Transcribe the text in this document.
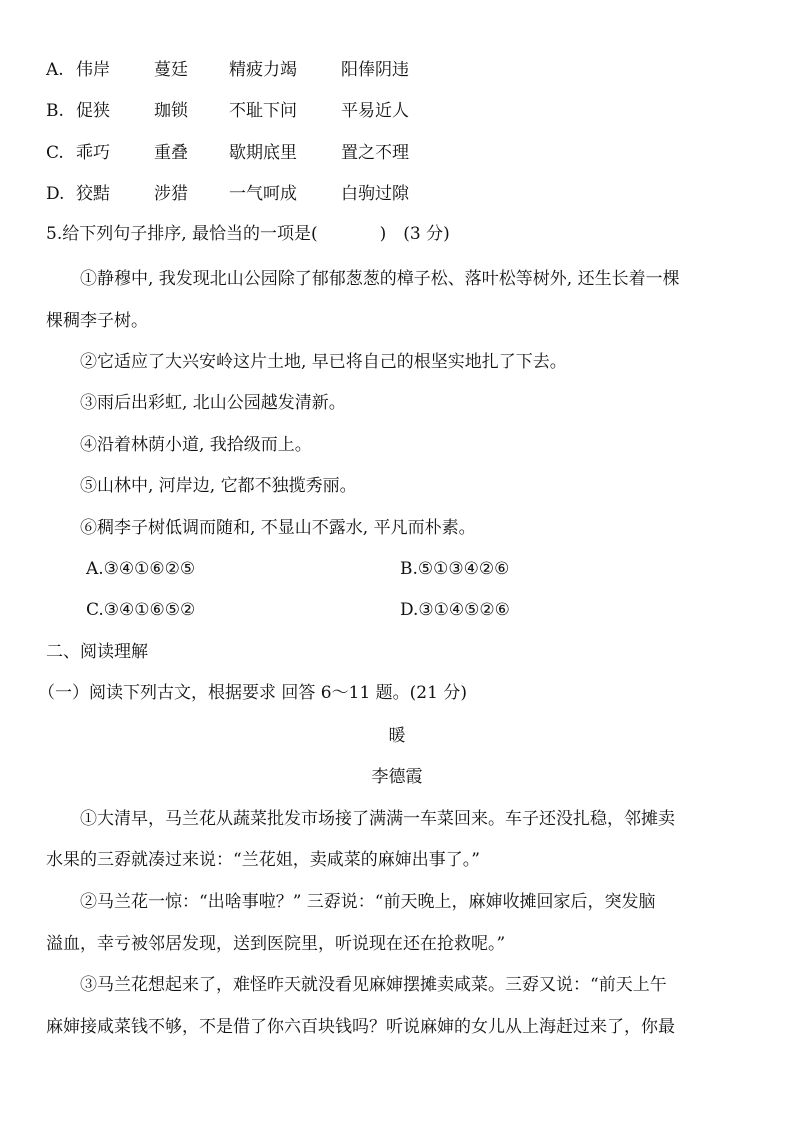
A. 伟岸	蔓廷 精疲力竭	阳俸阴违
B. 促狭	珈锁 不耻下问	平易近人
C. 乖巧	重叠 歇期底里	置之不理
D. 狡黠	涉猎 一气呵成	白驹过隙
5.给下列句子排序, 最恰当的一项是(	)　(3 分)
①静穆中, 我发现北山公园除了郁郁葱葱的樟子松、落叶松等树外, 还生长着一棵
棵稠李子树。
②它适应了大兴安岭这片土地, 早已将自己的根坚实地扎了下去。
③雨后出彩虹, 北山公园越发清新。
④沿着林荫小道, 我拾级而上。
⑤山林中, 河岸边, 它都不独揽秀丽。
⑥稠李子树低调而随和, 不显山不露水, 平凡而朴素。
A.③④①⑥②⑤	B.⑤①③④②⑥
C.③④①⑥⑤②	D.③①④⑤②⑥
二、阅读理解
（一）阅读下列古文，根据要求 回答 6～11 题。(21 分)
暖
李德霞
①大清早，马兰花从蔬菜批发市场接了满满一车菜回来。车子还没扎稳，邻摊卖
水果的三孬就凑过来说：“兰花姐，卖咸菜的麻婶出事了。”
②马兰花一惊：“出啥事啦？” 三孬说：“前天晚上，麻婶收摊回家后，突发脑
溢血，幸亏被邻居发现，送到医院里，听说现在还在抢救呢。”
③马兰花想起来了，难怪昨天就没看见麻婶摆摊卖咸菜。三孬又说：“前天上午
麻婶接咸菜钱不够，不是借了你六百块钱吗？听说麻婶的女儿从上海赶过来了，你最
